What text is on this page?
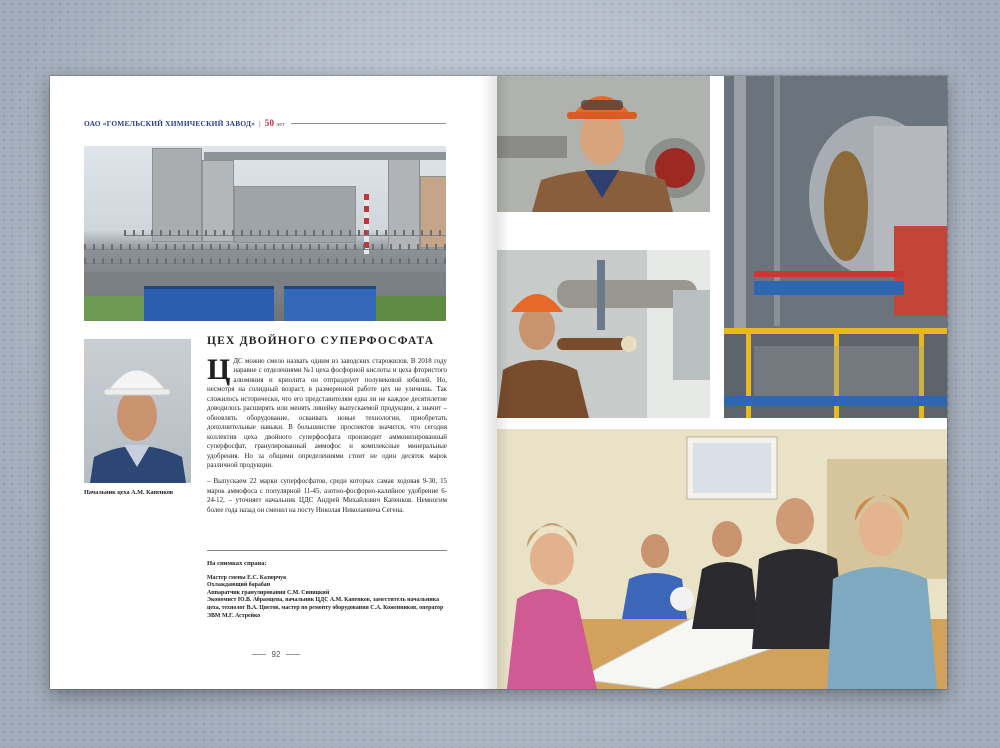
ОАО «ГОМЕЛЬСКИЙ ХИМИЧЕСКИЙ ЗАВОД» | 50 лет
Начальник цеха А.М. Капенков
ЦЕХ ДВОЙНОГО СУПЕРФОСФАТА

ЦДС можно смело назвать одним из заводских старожилов. В 2018 году наравне с отделениями №1 цеха фосфорной кислоты и цеха фтористого алюминия и криолита он отпразднует полувековой юбилей. Но, несмотря на солидный возраст, в размеренной работе цех не уличишь. Так сложилось исторически, что его представителям едва ли не каждое десятилетие доводилось расширять или менять линейку выпускаемой продукции, а значит – обновлять оборудование, осваивать новые технологии, приобретать дополнительные навыки. В большинстве проспектов значится, что сегодня коллектив цеха двойного суперфосфата производит аммонизированный суперфосфат, гранулированный аммофос и комплексные минеральные удобрения. Но за общими определениями стоит не один десяток марок различной продукции.

– Выпускаем 22 марки суперфосфатов, среди которых самая ходовая 9-30, 15 марок аммофоса с популярной 11-45, азотно-фосфорно-калийное удобрение 6-24-12, – уточняет начальник ЦДС Андрей Михайлович Капенков. Немногим более года назад он сменил на посту Николая Николаевича Сегена.

На снимках справа:

Мастер смены Е.С. Казюрчук

Охлаждающий барабан

Аппаратчик гранулирования С.М. Синицкий

Экономист Ю.В. Абрамцева, начальник ЦДС А.М. Капенков, заместитель начальника цеха, технолог В.А. Цветов, мастер по ремонту оборудования С.А. Коженников, оператор ЭВМ М.Г. Астрейко

92
